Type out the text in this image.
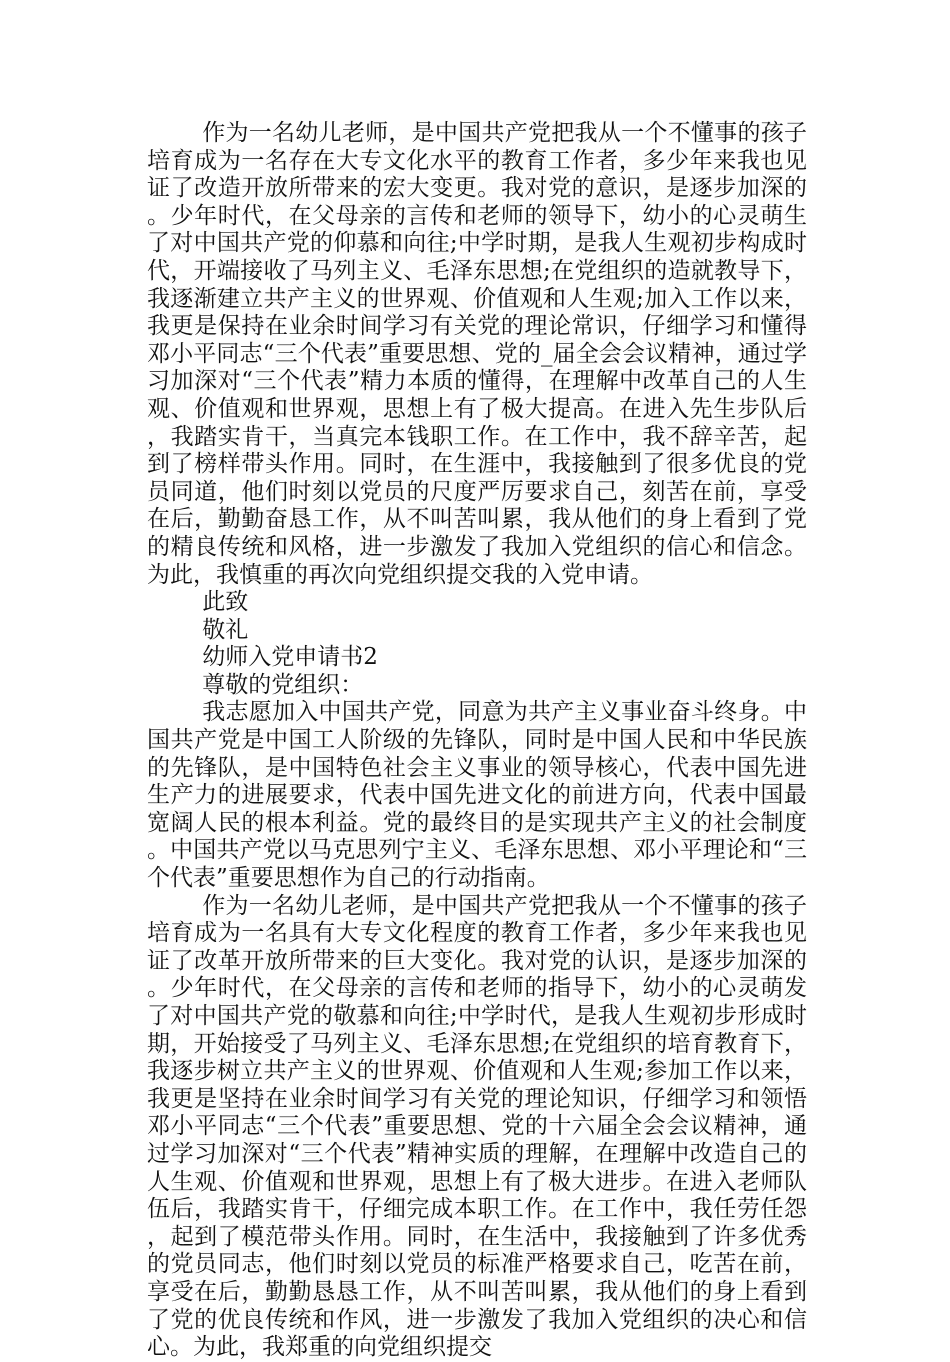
作为一名幼儿老师，是中国共产党把我从一个不懂事的孩子培育成为一名存在大专文化水平的教育工作者，多少年来我也见证了改造开放所带来的宏大变更。我对党的意识，是逐步加深的。少年时代，在父母亲的言传和老师的领导下，幼小的心灵萌生了对中国共产党的仰慕和向往;中学时期，是我人生观初步构成时代，开端接收了马列主义、毛泽东思想;在党组织的造就教导下，我逐渐建立共产主义的世界观、价值观和人生观;加入工作以来，我更是保持在业余时间学习有关党的理论常识，仔细学习和懂得邓小平同志“三个代表”重要思想、党的_届全会会议精神，通过学习加深对“三个代表”精力本质的懂得，在理解中改革自己的人生观、价值观和世界观，思想上有了极大提高。在进入先生步队后，我踏实肯干，当真完本钱职工作。在工作中，我不辞辛苦，起到了榜样带头作用。同时，在生涯中，我接触到了很多优良的党员同道，他们时刻以党员的尺度严厉要求自己，刻苦在前，享受在后，勤勤奋恳工作，从不叫苦叫累，我从他们的身上看到了党的精良传统和风格，进一步激发了我加入党组织的信心和信念。为此，我慎重的再次向党组织提交我的入党申请。

此致

敬礼

幼师入党申请书2

尊敬的党组织：

我志愿加入中国共产党，同意为共产主义事业奋斗终身。中国共产党是中国工人阶级的先锋队，同时是中国人民和中华民族的先锋队，是中国特色社会主义事业的领导核心，代表中国先进生产力的进展要求，代表中国先进文化的前进方向，代表中国最宽阔人民的根本利益。党的最终目的是实现共产主义的社会制度。中国共产党以马克思列宁主义、毛泽东思想、邓小平理论和“三个代表”重要思想作为自己的行动指南。

作为一名幼儿老师，是中国共产党把我从一个不懂事的孩子培育成为一名具有大专文化程度的教育工作者，多少年来我也见证了改革开放所带来的巨大变化。我对党的认识，是逐步加深的。少年时代，在父母亲的言传和老师的指导下，幼小的心灵萌发了对中国共产党的敬慕和向往;中学时代，是我人生观初步形成时期，开始接受了马列主义、毛泽东思想;在党组织的培育教育下，我逐步树立共产主义的世界观、价值观和人生观;参加工作以来，我更是坚持在业余时间学习有关党的理论知识，仔细学习和领悟邓小平同志“三个代表”重要思想、党的十六届全会会议精神，通过学习加深对“三个代表”精神实质的理解，在理解中改造自己的人生观、价值观和世界观，思想上有了极大进步。在进入老师队伍后，我踏实肯干，仔细完成本职工作。在工作中，我任劳任怨，起到了模范带头作用。同时，在生活中，我接触到了许多优秀的党员同志，他们时刻以党员的标准严格要求自己，吃苦在前，享受在后，勤勤恳恳工作，从不叫苦叫累，我从他们的身上看到了党的优良传统和作风，进一步激发了我加入党组织的决心和信心。为此，我郑重的向党组织提交
